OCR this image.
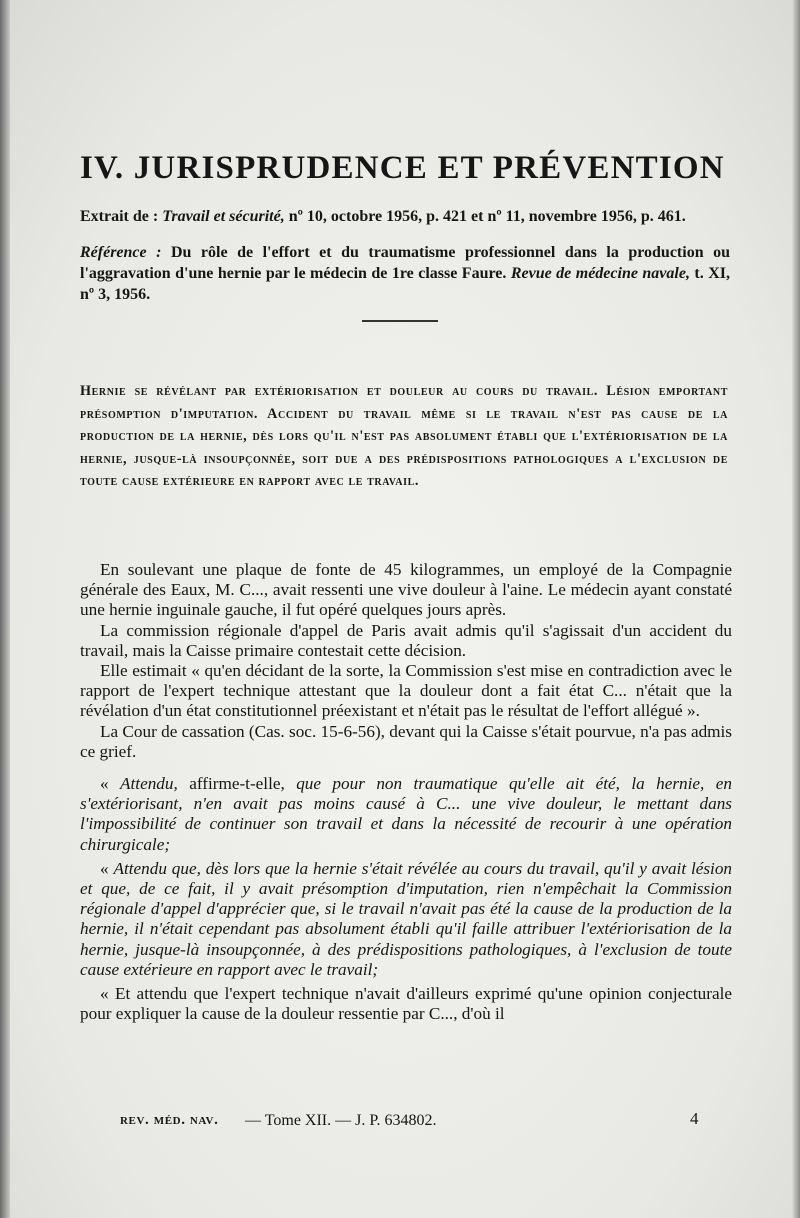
IV. JURISPRUDENCE ET PRÉVENTION
Extrait de : Travail et sécurité, nº 10, octobre 1956, p. 421 et nº 11, novembre 1956, p. 461.
Référence : Du rôle de l'effort et du traumatisme professionnel dans la production ou l'aggravation d'une hernie par le médecin de 1re classe Faure. Revue de médecine navale, t. XI, nº 3, 1956.
Hernie se révélant par extériorisation et douleur au cours du travail. Lésion emportant présomption d'imputation. Accident du travail même si le travail n'est pas cause de la production de la hernie, dès lors qu'il n'est pas absolument établi que l'extériorisation de la hernie, jusque-là insoupçonnée, soit due a des prédispositions pathologiques a l'exclusion de toute cause extérieure en rapport avec le travail.

En soulevant une plaque de fonte de 45 kilogrammes, un employé de la Compagnie générale des Eaux, M. C..., avait ressenti une vive douleur à l'aine. Le médecin ayant constaté une hernie inguinale gauche, il fut opéré quelques jours après.

La commission régionale d'appel de Paris avait admis qu'il s'agissait d'un accident du travail, mais la Caisse primaire contestait cette décision.

Elle estimait « qu'en décidant de la sorte, la Commission s'est mise en contradiction avec le rapport de l'expert technique attestant que la douleur dont a fait état C... n'était que la révélation d'un état constitutionnel préexistant et n'était pas le résultat de l'effort allégué ».

La Cour de cassation (Cas. soc. 15-6-56), devant qui la Caisse s'était pourvue, n'a pas admis ce grief.

« Attendu, affirme-t-elle, que pour non traumatique qu'elle ait été, la hernie, en s'extériorisant, n'en avait pas moins causé à C... une vive douleur, le mettant dans l'impossibilité de continuer son travail et dans la nécessité de recourir à une opération chirurgicale;

« Attendu que, dès lors que la hernie s'était révélée au cours du travail, qu'il y avait lésion et que, de ce fait, il y avait présomption d'imputation, rien n'empêchait la Commission régionale d'appel d'apprécier que, si le travail n'avait pas été la cause de la production de la hernie, il n'était cependant pas absolument établi qu'il faille attribuer l'extériorisation de la hernie, jusque-là insoupçonnée, à des prédispositions pathologiques, à l'exclusion de toute cause extérieure en rapport avec le travail;

« Et attendu que l'expert technique n'avait d'ailleurs exprimé qu'une opinion conjecturale pour expliquer la cause de la douleur ressentie par C..., d'où il

rev. méd. nav. — Tome XII. — J. P. 634802.	4
